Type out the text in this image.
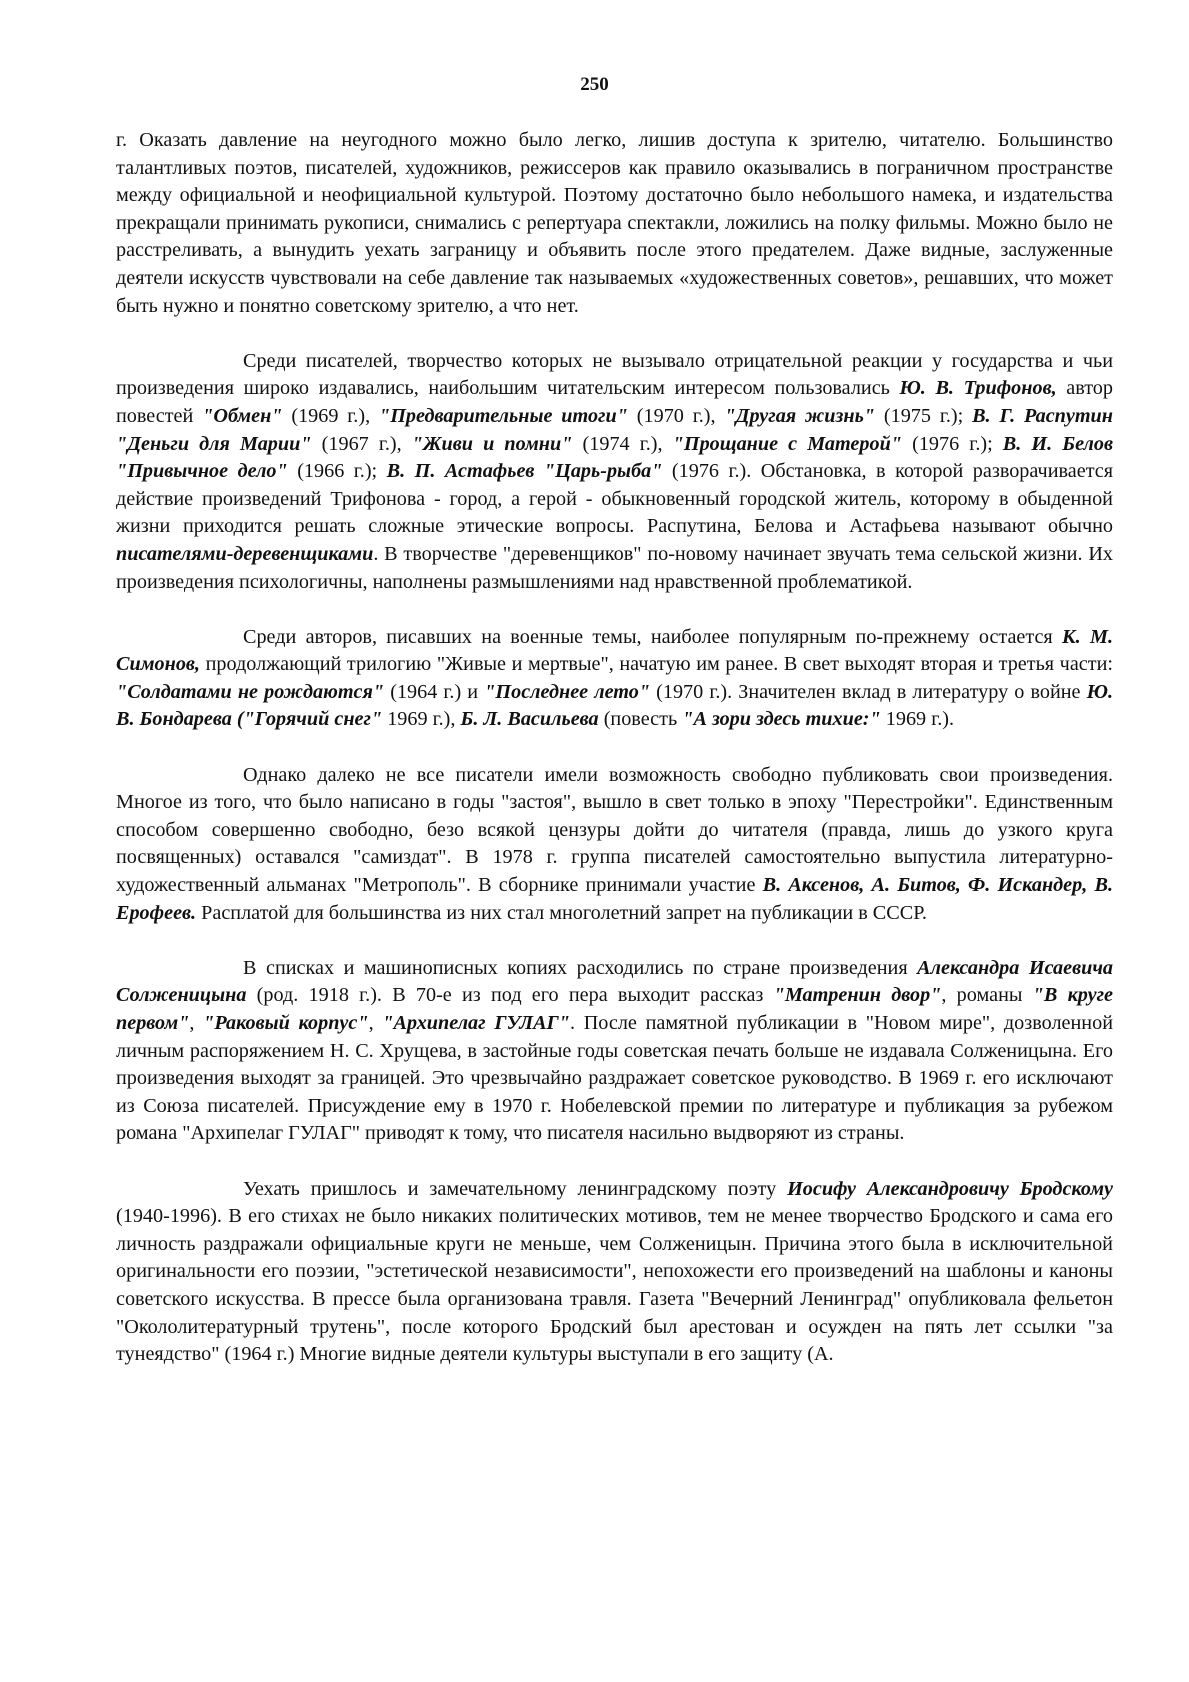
250

г. Оказать давление на неугодного можно было легко, лишив доступа к зрителю, читателю. Большинство талантливых поэтов, писателей, художников, режиссеров как правило оказывались в пограничном пространстве между официальной и неофициальной культурой. Поэтому достаточно было небольшого намека, и издательства прекращали принимать рукописи, снимались с репертуара спектакли, ложились на полку фильмы. Можно было не расстреливать, а вынудить уехать заграницу и объявить после этого предателем. Даже видные, заслуженные деятели искусств чувствовали на себе давление так называемых «художественных советов», решавших, что может быть нужно и понятно советскому зрителю, а что нет.

Среди писателей, творчество которых не вызывало отрицательной реакции у государства и чьи произведения широко издавались, наибольшим читательским интересом пользовались Ю. В. Трифонов, автор повестей "Обмен" (1969 г.), "Предварительные итоги" (1970 г.), "Другая жизнь" (1975 г.); В. Г. Распутин "Деньги для Марии" (1967 г.), "Живи и помни" (1974 г.), "Прощание с Матерой" (1976 г.); В. И. Белов "Привычное дело" (1966 г.); В. П. Астафьев "Царь-рыба" (1976 г.). Обстановка, в которой разворачивается действие произведений Трифонова - город, а герой - обыкновенный городской житель, которому в обыденной жизни приходится решать сложные этические вопросы. Распутина, Белова и Астафьева называют обычно писателями-деревенщиками. В творчестве "деревенщиков" по-новому начинает звучать тема сельской жизни. Их произведения психологичны, наполнены размышлениями над нравственной проблематикой.

Среди авторов, писавших на военные темы, наиболее популярным по-прежнему остается К. М. Симонов, продолжающий трилогию "Живые и мертвые", начатую им ранее. В свет выходят вторая и третья части: "Солдатами не рождаются" (1964 г.) и "Последнее лето" (1970 г.). Значителен вклад в литературу о войне Ю. В. Бондарева ("Горячий снег" 1969 г.), Б. Л. Васильева (повесть "А зори здесь тихие:" 1969 г.).

Однако далеко не все писатели имели возможность свободно публиковать свои произведения. Многое из того, что было написано в годы "застоя", вышло в свет только в эпоху "Перестройки". Единственным способом совершенно свободно, безо всякой цензуры дойти до читателя (правда, лишь до узкого круга посвященных) оставался "самиздат". В 1978 г. группа писателей самостоятельно выпустила литературно-художественный альманах "Метрополь". В сборнике принимали участие В. Аксенов, А. Битов, Ф. Искандер, В. Ерофеев. Расплатой для большинства из них стал многолетний запрет на публикации в СССР.

В списках и машинописных копиях расходились по стране произведения Александра Исаевича Солженицына (род. 1918 г.). В 70-е из под его пера выходит рассказ "Матренин двор", романы "В круге первом", "Раковый корпус", "Архипелаг ГУЛАГ". После памятной публикации в "Новом мире", дозволенной личным распоряжением Н. С. Хрущева, в застойные годы советская печать больше не издавала Солженицына. Его произведения выходят за границей. Это чрезвычайно раздражает советское руководство. В 1969 г. его исключают из Союза писателей. Присуждение ему в 1970 г. Нобелевской премии по литературе и публикация за рубежом романа "Архипелаг ГУЛАГ" приводят к тому, что писателя насильно выдворяют из страны.

Уехать пришлось и замечательному ленинградскому поэту Иосифу Александровичу Бродскому (1940-1996). В его стихах не было никаких политических мотивов, тем не менее творчество Бродского и сама его личность раздражали официальные круги не меньше, чем Солженицын. Причина этого была в исключительной оригинальности его поэзии, "эстетической независимости", непохожести его произведений на шаблоны и каноны советского искусства. В прессе была организована травля. Газета "Вечерний Ленинград" опубликовала фельетон "Окололитературный трутень", после которого Бродский был арестован и осужден на пять лет ссылки "за тунеядство" (1964 г.) Многие видные деятели культуры выступали в его защиту (А.
